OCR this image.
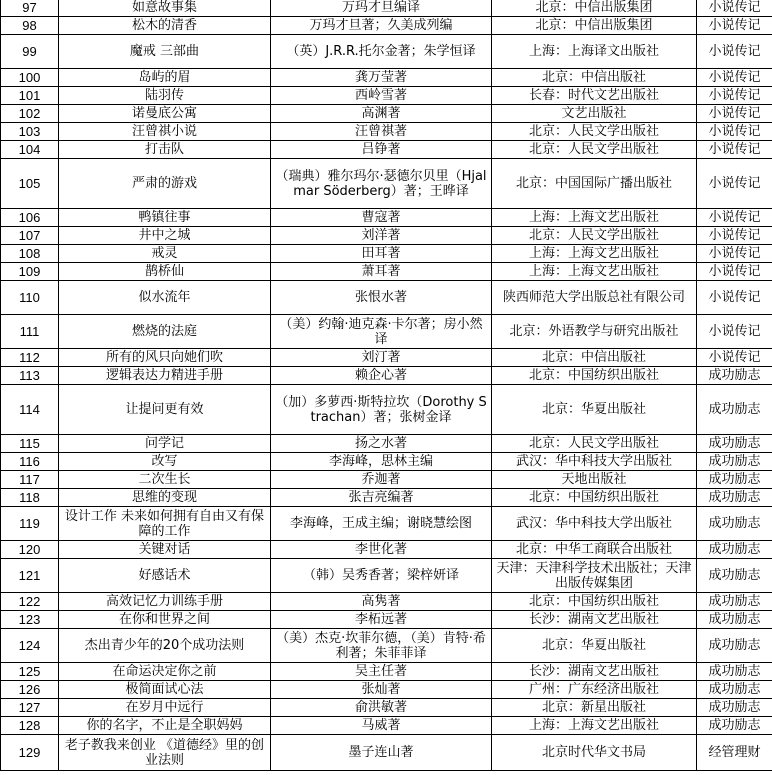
97	如意故事集	万玛才旦编译	北京：中信出版集团	小说传记
98	松木的清香	万玛才旦著；久美成列编	北京：中信出版集团	小说传记
99	魔戒 三部曲	（英）J.R.R.托尔金著；朱学恒译	上海：上海译文出版社	小说传记
100	岛屿的眉	龚万莹著	北京：中信出版社	小说传记
101	陆羽传	西岭雪著	长春：时代文艺出版社	小说传记
102	诺曼底公寓	高渊著	文艺出版社	小说传记
103	汪曾祺小说	汪曾祺著	北京：人民文学出版社	小说传记
104	打击队	吕铮著	北京：人民文学出版社	小说传记
105	严肃的游戏	（瑞典）雅尔玛尔·瑟德尔贝里（Hjalmar Söderberg）著；王晔译	北京：中国国际广播出版社	小说传记
106	鸭镇往事	曹寇著	上海：上海文艺出版社	小说传记
107	井中之城	刘洋著	北京：人民文学出版社	小说传记
108	戒灵	田耳著	上海：上海文艺出版社	小说传记
109	鹊桥仙	萧耳著	上海：上海文艺出版社	小说传记
110	似水流年	张恨水著	陕西师范大学出版总社有限公司	小说传记
111	燃烧的法庭	（美）约翰·迪克森·卡尔著；房小然译	北京：外语教学与研究出版社	小说传记
112	所有的风只向她们吹	刘汀著	北京：中信出版社	小说传记
113	逻辑表达力精进手册	赖企心著	北京：中国纺织出版社	成功励志
114	让提问更有效	（加）多萝西·斯特拉坎（Dorothy Strachan）著；张树金译	北京：华夏出版社	成功励志
115	问学记	扬之水著	北京：人民文学出版社	成功励志
116	改写	李海峰，思林主编	武汉：华中科技大学出版社	成功励志
117	二次生长	乔迦著	天地出版社	成功励志
118	思维的变现	张吉亮编著	北京：中国纺织出版社	成功励志
119	设计工作 未来如何拥有自由又有保障的工作	李海峰，王成主编；谢晓慧绘图	武汉：华中科技大学出版社	成功励志
120	关键对话	李世化著	北京：中华工商联合出版社	成功励志
121	好感话术	（韩）吴秀香著；梁梓妍译	天津：天津科学技术出版社；天津出版传媒集团	成功励志
122	高效记忆力训练手册	高隽著	北京：中国纺织出版社	成功励志
123	在你和世界之间	李柘远著	长沙：湖南文艺出版社	成功励志
124	杰出青少年的20个成功法则	（美）杰克·坎菲尔德，（美）肯特·希利著；朱菲菲译	北京：华夏出版社	成功励志
125	在命运决定你之前	吴主任著	长沙：湖南文艺出版社	成功励志
126	极简面试心法	张灿著	广州：广东经济出版社	成功励志
127	在岁月中远行	俞洪敏著	北京：新星出版社	成功励志
128	你的名字，不止是全职妈妈	马威著	上海：上海文艺出版社	成功励志
129	老子教我来创业 《道德经》里的创业法则	墨子连山著	北京时代华文书局	经管理财
